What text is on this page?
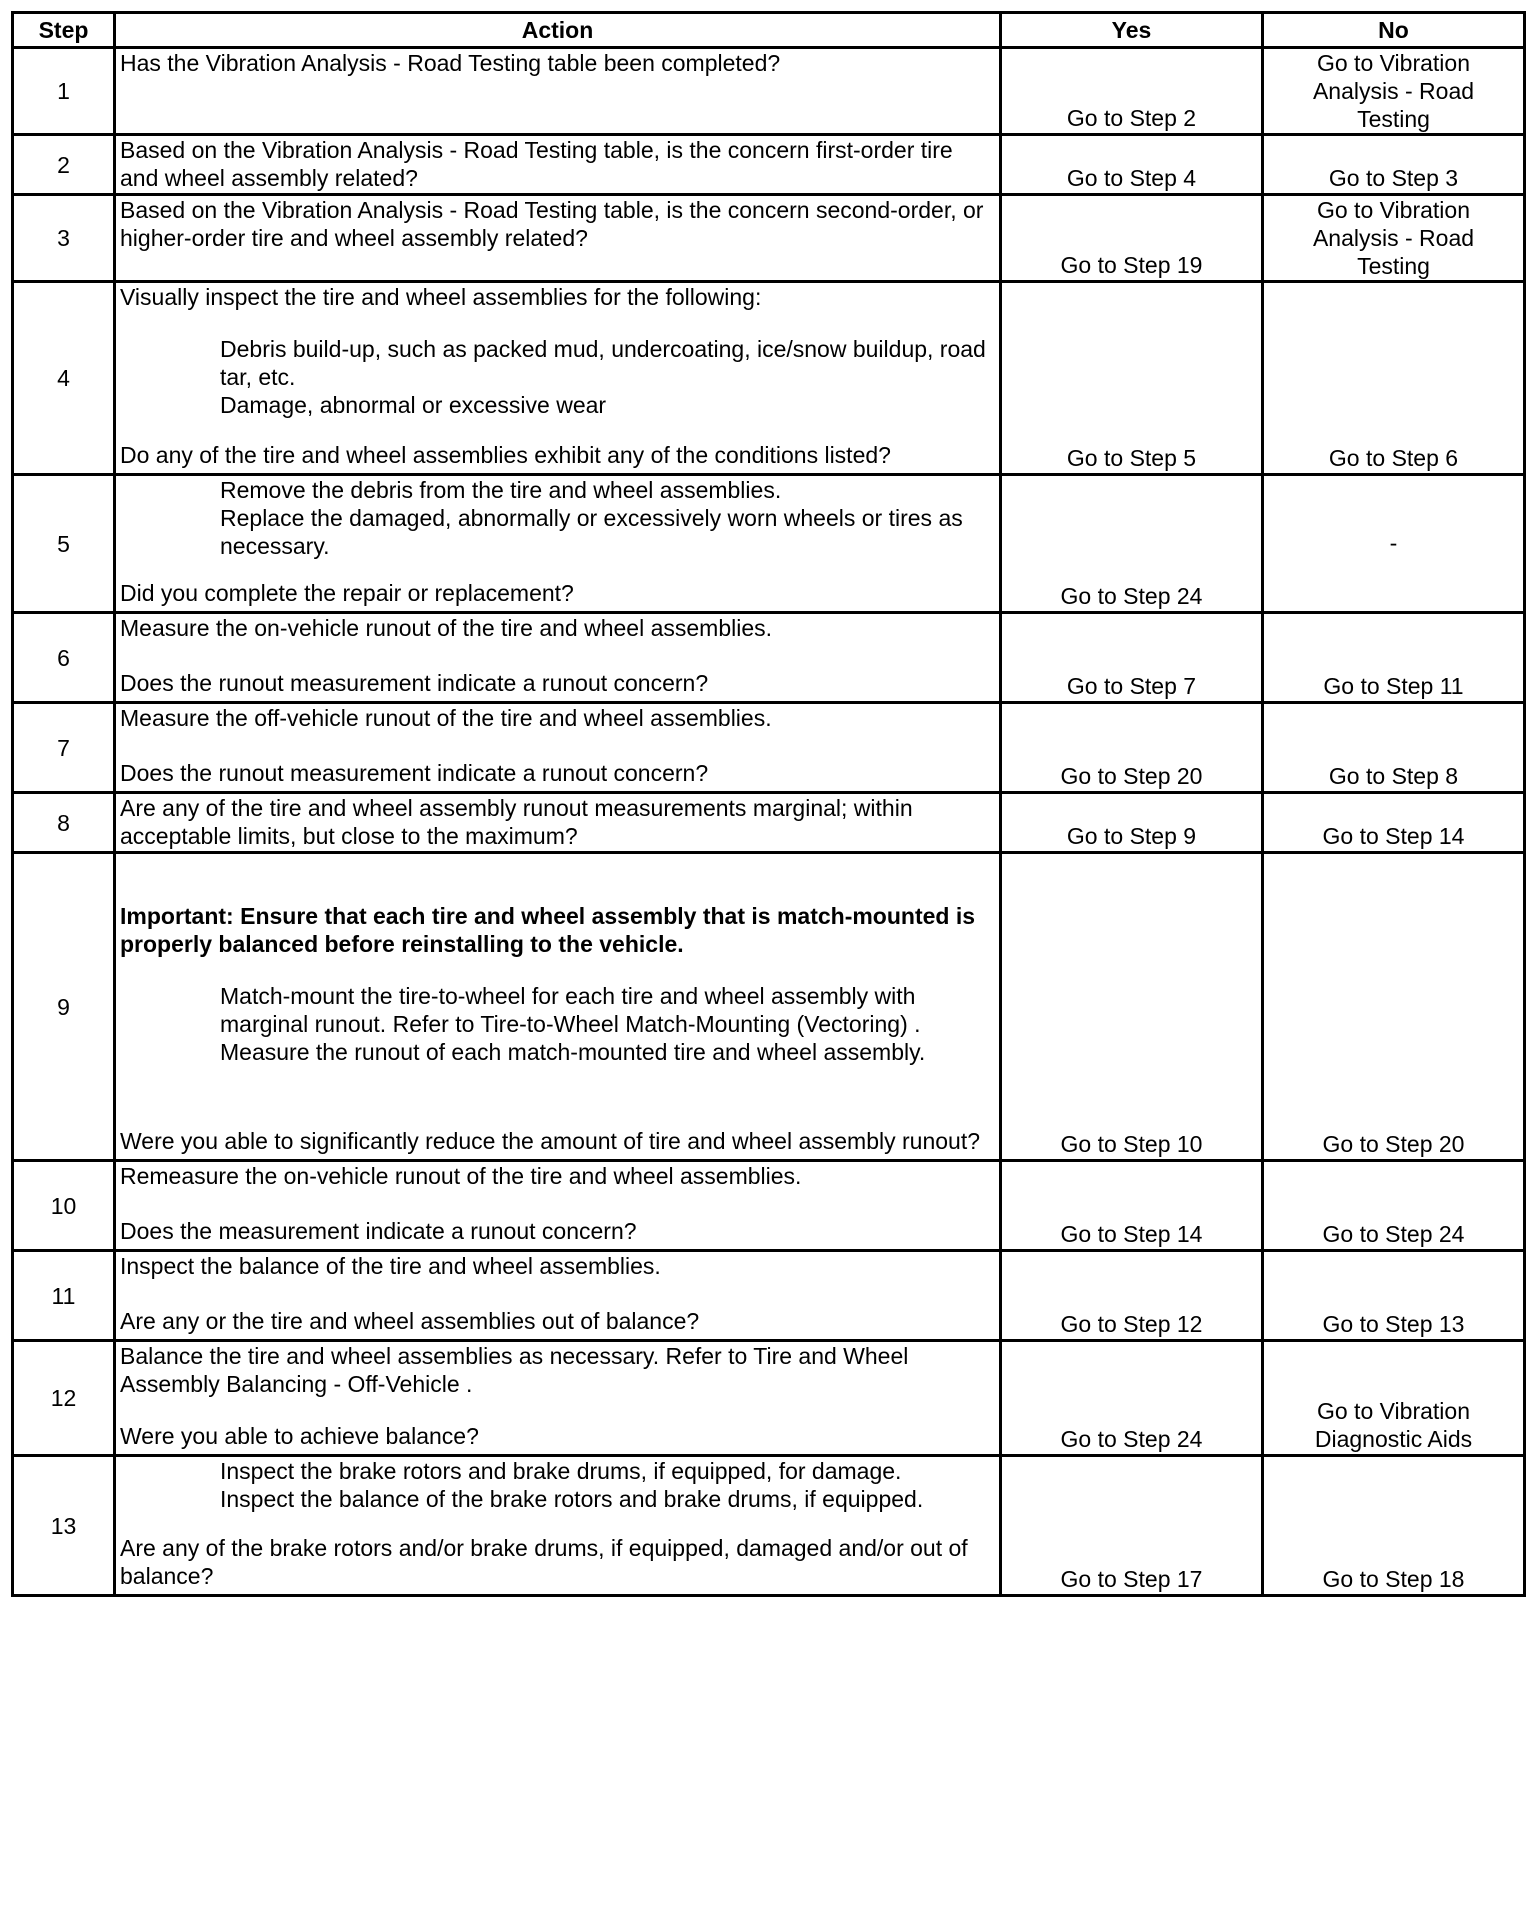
Step	Action	Yes	No
1	Has the Vibration Analysis - Road Testing table been completed?	Go to Step 2	Go to Vibration Analysis - Road Testing
2	Based on the Vibration Analysis - Road Testing table, is the concern first-order tire and wheel assembly related?	Go to Step 4	Go to Step 3
3	Based on the Vibration Analysis - Road Testing table, is the concern second-order, or higher-order tire and wheel assembly related?	Go to Step 19	Go to Vibration Analysis - Road Testing
4	Visually inspect the tire and wheel assemblies for the following:
Debris build-up, such as packed mud, undercoating, ice/snow buildup, road tar, etc.
Damage, abnormal or excessive wear
Do any of the tire and wheel assemblies exhibit any of the conditions listed?	Go to Step 5	Go to Step 6
5	Remove the debris from the tire and wheel assemblies.
Replace the damaged, abnormally or excessively worn wheels or tires as necessary.
Did you complete the repair or replacement?	Go to Step 24	-
6	Measure the on-vehicle runout of the tire and wheel assemblies.
Does the runout measurement indicate a runout concern?	Go to Step 7	Go to Step 11
7	Measure the off-vehicle runout of the tire and wheel assemblies.
Does the runout measurement indicate a runout concern?	Go to Step 20	Go to Step 8
8	Are any of the tire and wheel assembly runout measurements marginal; within acceptable limits, but close to the maximum?	Go to Step 9	Go to Step 14
9	Important: Ensure that each tire and wheel assembly that is match-mounted is properly balanced before reinstalling to the vehicle.
Match-mount the tire-to-wheel for each tire and wheel assembly with marginal runout. Refer to Tire-to-Wheel Match-Mounting (Vectoring) .
Measure the runout of each match-mounted tire and wheel assembly.
Were you able to significantly reduce the amount of tire and wheel assembly runout?	Go to Step 10	Go to Step 20
10	Remeasure the on-vehicle runout of the tire and wheel assemblies.
Does the measurement indicate a runout concern?	Go to Step 14	Go to Step 24
11	Inspect the balance of the tire and wheel assemblies.
Are any or the tire and wheel assemblies out of balance?	Go to Step 12	Go to Step 13
12	Balance the tire and wheel assemblies as necessary. Refer to Tire and Wheel Assembly Balancing - Off-Vehicle .
Were you able to achieve balance?	Go to Step 24	Go to Vibration Diagnostic Aids
13	Inspect the brake rotors and brake drums, if equipped, for damage.
Inspect the balance of the brake rotors and brake drums, if equipped.
Are any of the brake rotors and/or brake drums, if equipped, damaged and/or out of balance?	Go to Step 17	Go to Step 18
